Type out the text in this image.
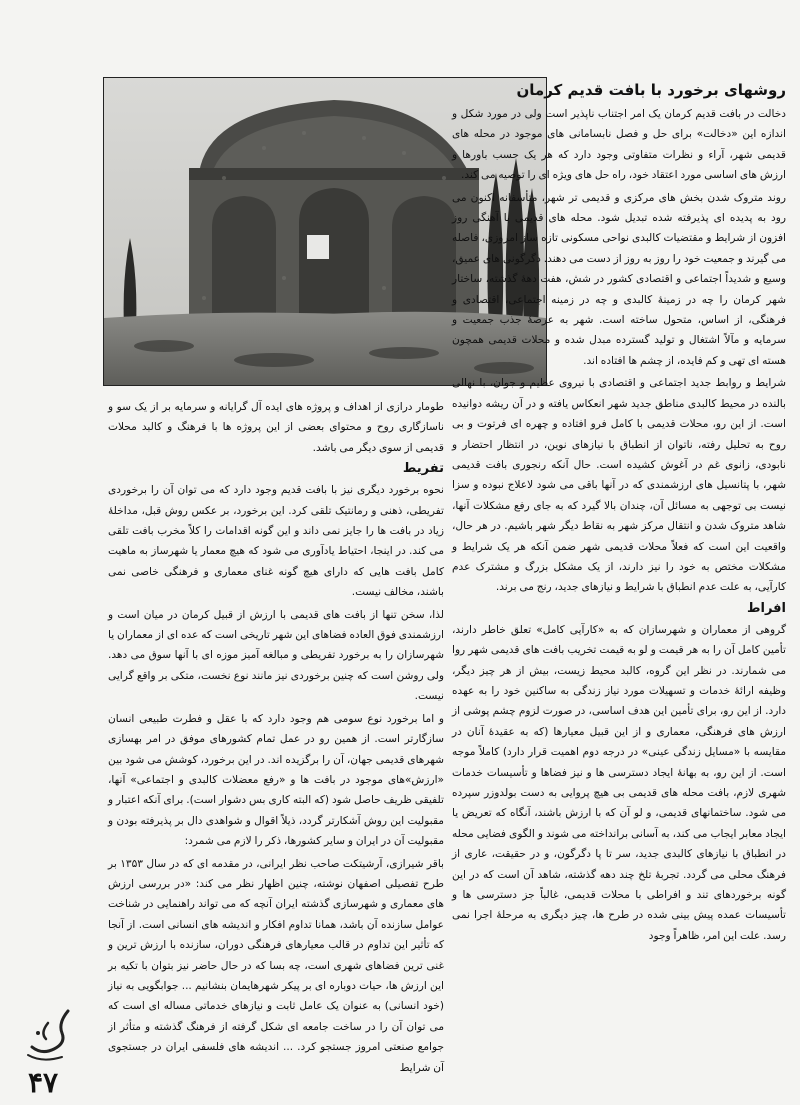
روشهای برخورد با بافت قدیم کرمان

دخالت در بافت قدیم کرمان یک امر اجتناب ناپذیر است ولی در مورد شکل و اندازه این «دخالت» برای حل و فصل نابسامانی های موجود در محله های قدیمی شهر، آراء و نظرات متفاوتی وجود دارد که هر یک حسب باورها و ارزش های اساسی مورد اعتقاد خود، راه حل های ویژه ای را توصیه می کند.

روند متروک شدن بخش های مرکزی و قدیمی تر شهر، متأسفانه اکنون می رود به پدیده ای پذیرفته شده تبدیل شود. محله های قدیمی با آهنگی روز افزون از شرایط و مقتضیات کالبدی نواحی مسکونی تازه ساز امروزی، فاصله می گیرند و جمعیت خود را روز به روز از دست می دهند. دگرگونی های عمیق، وسیع و شدیداً اجتماعی و اقتصادی کشور در شش، هفت دههٔ گذشته، ساختار شهر کرمان را چه در زمینهٔ کالبدی و چه در زمینه اجتماعی، اقتصادی و فرهنگی، از اساس، متحول ساخته است. شهر به عرصهٔ جذب جمعیت و سرمایه و مآلاً اشتغال و تولید گسترده مبدل شده و محلات قدیمی همچون هسته ای تهی و کم فایده، از چشم ها افتاده اند.

شرایط و روابط جدید اجتماعی و اقتصادی با نیروی عظیم و جوان، با نهالی بالنده در محیط کالبدی مناطق جدید شهر انعکاس یافته و در آن ریشه دوانیده است. از این رو، محلات قدیمی با کامل فرو افتاده و چهره ای فرتوت و بی روح به تحلیل رفته، ناتوان از انطباق با نیازهای نوین، در انتظار احتضار و نابودی، زانوی غم در آغوش کشیده است. حال آنکه رنجوری بافت قدیمی شهر، با پتانسیل های ارزشمندی که در آنها باقی می شود لاعلاج نبوده و سزا نیست بی توجهی به مسائل آن، چندان بالا گیرد که به جای رفع مشکلات آنها، شاهد متروک شدن و انتقال مرکز شهر به نقاط دیگر شهر باشیم. در هر حال، واقعیت این است که فعلاً محلات قدیمی شهر ضمن آنکه هر یک شرایط و مشکلات مختص به خود را نیز دارند، از یک مشکل بزرگ و مشترک عدم کارآیی، به علت عدم انطباق با شرایط و نیازهای جدید، رنج می برند.

افراط

گروهی از معماران و شهرسازان که به «کارآیی کامل» تعلق خاطر دارند، تأمین کامل آن را به هر قیمت و لو به قیمت تخریب بافت های قدیمی شهر روا می شمارند. در نظر این گروه، کالبد محیط زیست، بیش از هر چیز دیگر، وظیفه ارائهٔ خدمات و تسهیلات مورد نیاز زندگی به ساکنین خود را به عهده دارد. از این رو، برای تأمین این هدف اساسی، در صورت لزوم چشم پوشی از ارزش های فرهنگی، معماری و از این قبیل معیارها (که به عقیدهٔ آنان در مقایسه با «مسایل زندگی عینی» در درجه دوم اهمیت قرار دارد) کاملاً موجه است. از این رو، به بهانهٔ ایجاد دسترسی ها و نیز فضاها و تأسیسات خدمات شهری لازم، بافت محله های قدیمی بی هیچ پروایی به دست بولدوزر سپرده می شود. ساختمانهای قدیمی، و لو آن که با ارزش باشند، آنگاه که تعریض یا ایجاد معابر ایجاب می کند، به آسانی برانداخته می شوند و الگوی فضایی محله در انطباق با نیازهای کالبدی جدید، سر تا پا دگرگون، و در حقیقت، عاری از فرهنگ محلی می گردد. تجربهٔ تلخ چند دهه گذشته، شاهد آن است که در این گونه برخوردهای تند و افراطی با محلات قدیمی، غالباً جز دسترسی ها و تأسیسات عمده پیش بینی شده در طرح ها، چیز دیگری به مرحلهٔ اجرا نمی رسد. علت این امر، ظاهراً وجود

طومار درازی از اهداف و پروژه های ایده آل گرایانه و سرمایه بر از یک سو و ناسازگاری روح و محتوای بعضی از این پروژه ها با فرهنگ و کالبد محلات قدیمی از سوی دیگر می باشد.

تفریط

نحوه برخورد دیگری نیز با بافت قدیم وجود دارد که می توان آن را برخوردی تفریطی، ذهنی و رمانتیک تلقی کرد. این برخورد، بر عکس روش قبل، مداخلهٔ زیاد در بافت ها را جایز نمی داند و این گونه اقدامات را کلاً مخرب بافت تلقی می کند. در اینجا، احتیاط یادآوری می شود که هیچ معمار یا شهرساز به ماهیت کامل بافت هایی که دارای هیچ گونه غنای معماری و فرهنگی خاصی نمی باشند، مخالف نیست.

لذا، سخن تنها از بافت های قدیمی با ارزش از قبیل کرمان در میان است و ارزشمندی فوق العاده فضاهای این شهر تاریخی است که عده ای از معماران یا شهرسازان را به برخورد تفریطی و مبالغه آمیز موزه ای با آنها سوق می دهد. ولی روشن است که چنین برخوردی نیز مانند نوع نخست، متکی بر واقع گرایی نیست.

و اما برخورد نوع سومی هم وجود دارد که با عقل و فطرت طبیعی انسان سازگارتر است. از همین رو در عمل تمام کشورهای موفق در امر بهسازی شهرهای قدیمی جهان، آن را برگزیده اند. در این برخورد، کوشش می شود بین «ارزش»های موجود در بافت ها و «رفع معضلات کالبدی و اجتماعی» آنها، تلفیقی ظریف حاصل شود (که البته کاری بس دشوار است). برای آنکه اعتبار و مقبولیت این روش آشکارتر گردد، ذیلاً اقوال و شواهدی دال بر پذیرفته بودن و مقبولیت آن در ایران و سایر کشورها، ذکر را لازم می شمرد:

باقر شیرازی، آرشیتکت صاحب نظر ایرانی، در مقدمه ای که در سال ۱۳۵۳ بر طرح تفصیلی اصفهان نوشته، چنین اظهار نظر می کند: «در بررسی ارزش های معماری و شهرسازی گذشته ایران آنچه که می تواند راهنمایی در شناخت عوامل سازنده آن باشد، همانا تداوم افکار و اندیشه های انسانی است. از آنجا که تأثیر این تداوم در قالب معیارهای فرهنگی دوران، سازنده با ارزش ترین و غنی ترین فضاهای شهری است، چه بسا که در حال حاضر نیز بتوان با تکیه بر این ارزش ها، حیات دوباره ای بر پیکر شهرهایمان بنشانیم ... جوابگویی به نیاز (خود انسانی) به عنوان یک عامل ثابت و نیازهای خدماتی مساله ای است که می توان آن را در ساخت جامعه ای شکل گرفته از فرهنگ گذشته و متأثر از جوامع صنعتی امروز جستجو کرد. ... اندیشه های فلسفی ایران در جستجوی آن شرایط

۴۷
